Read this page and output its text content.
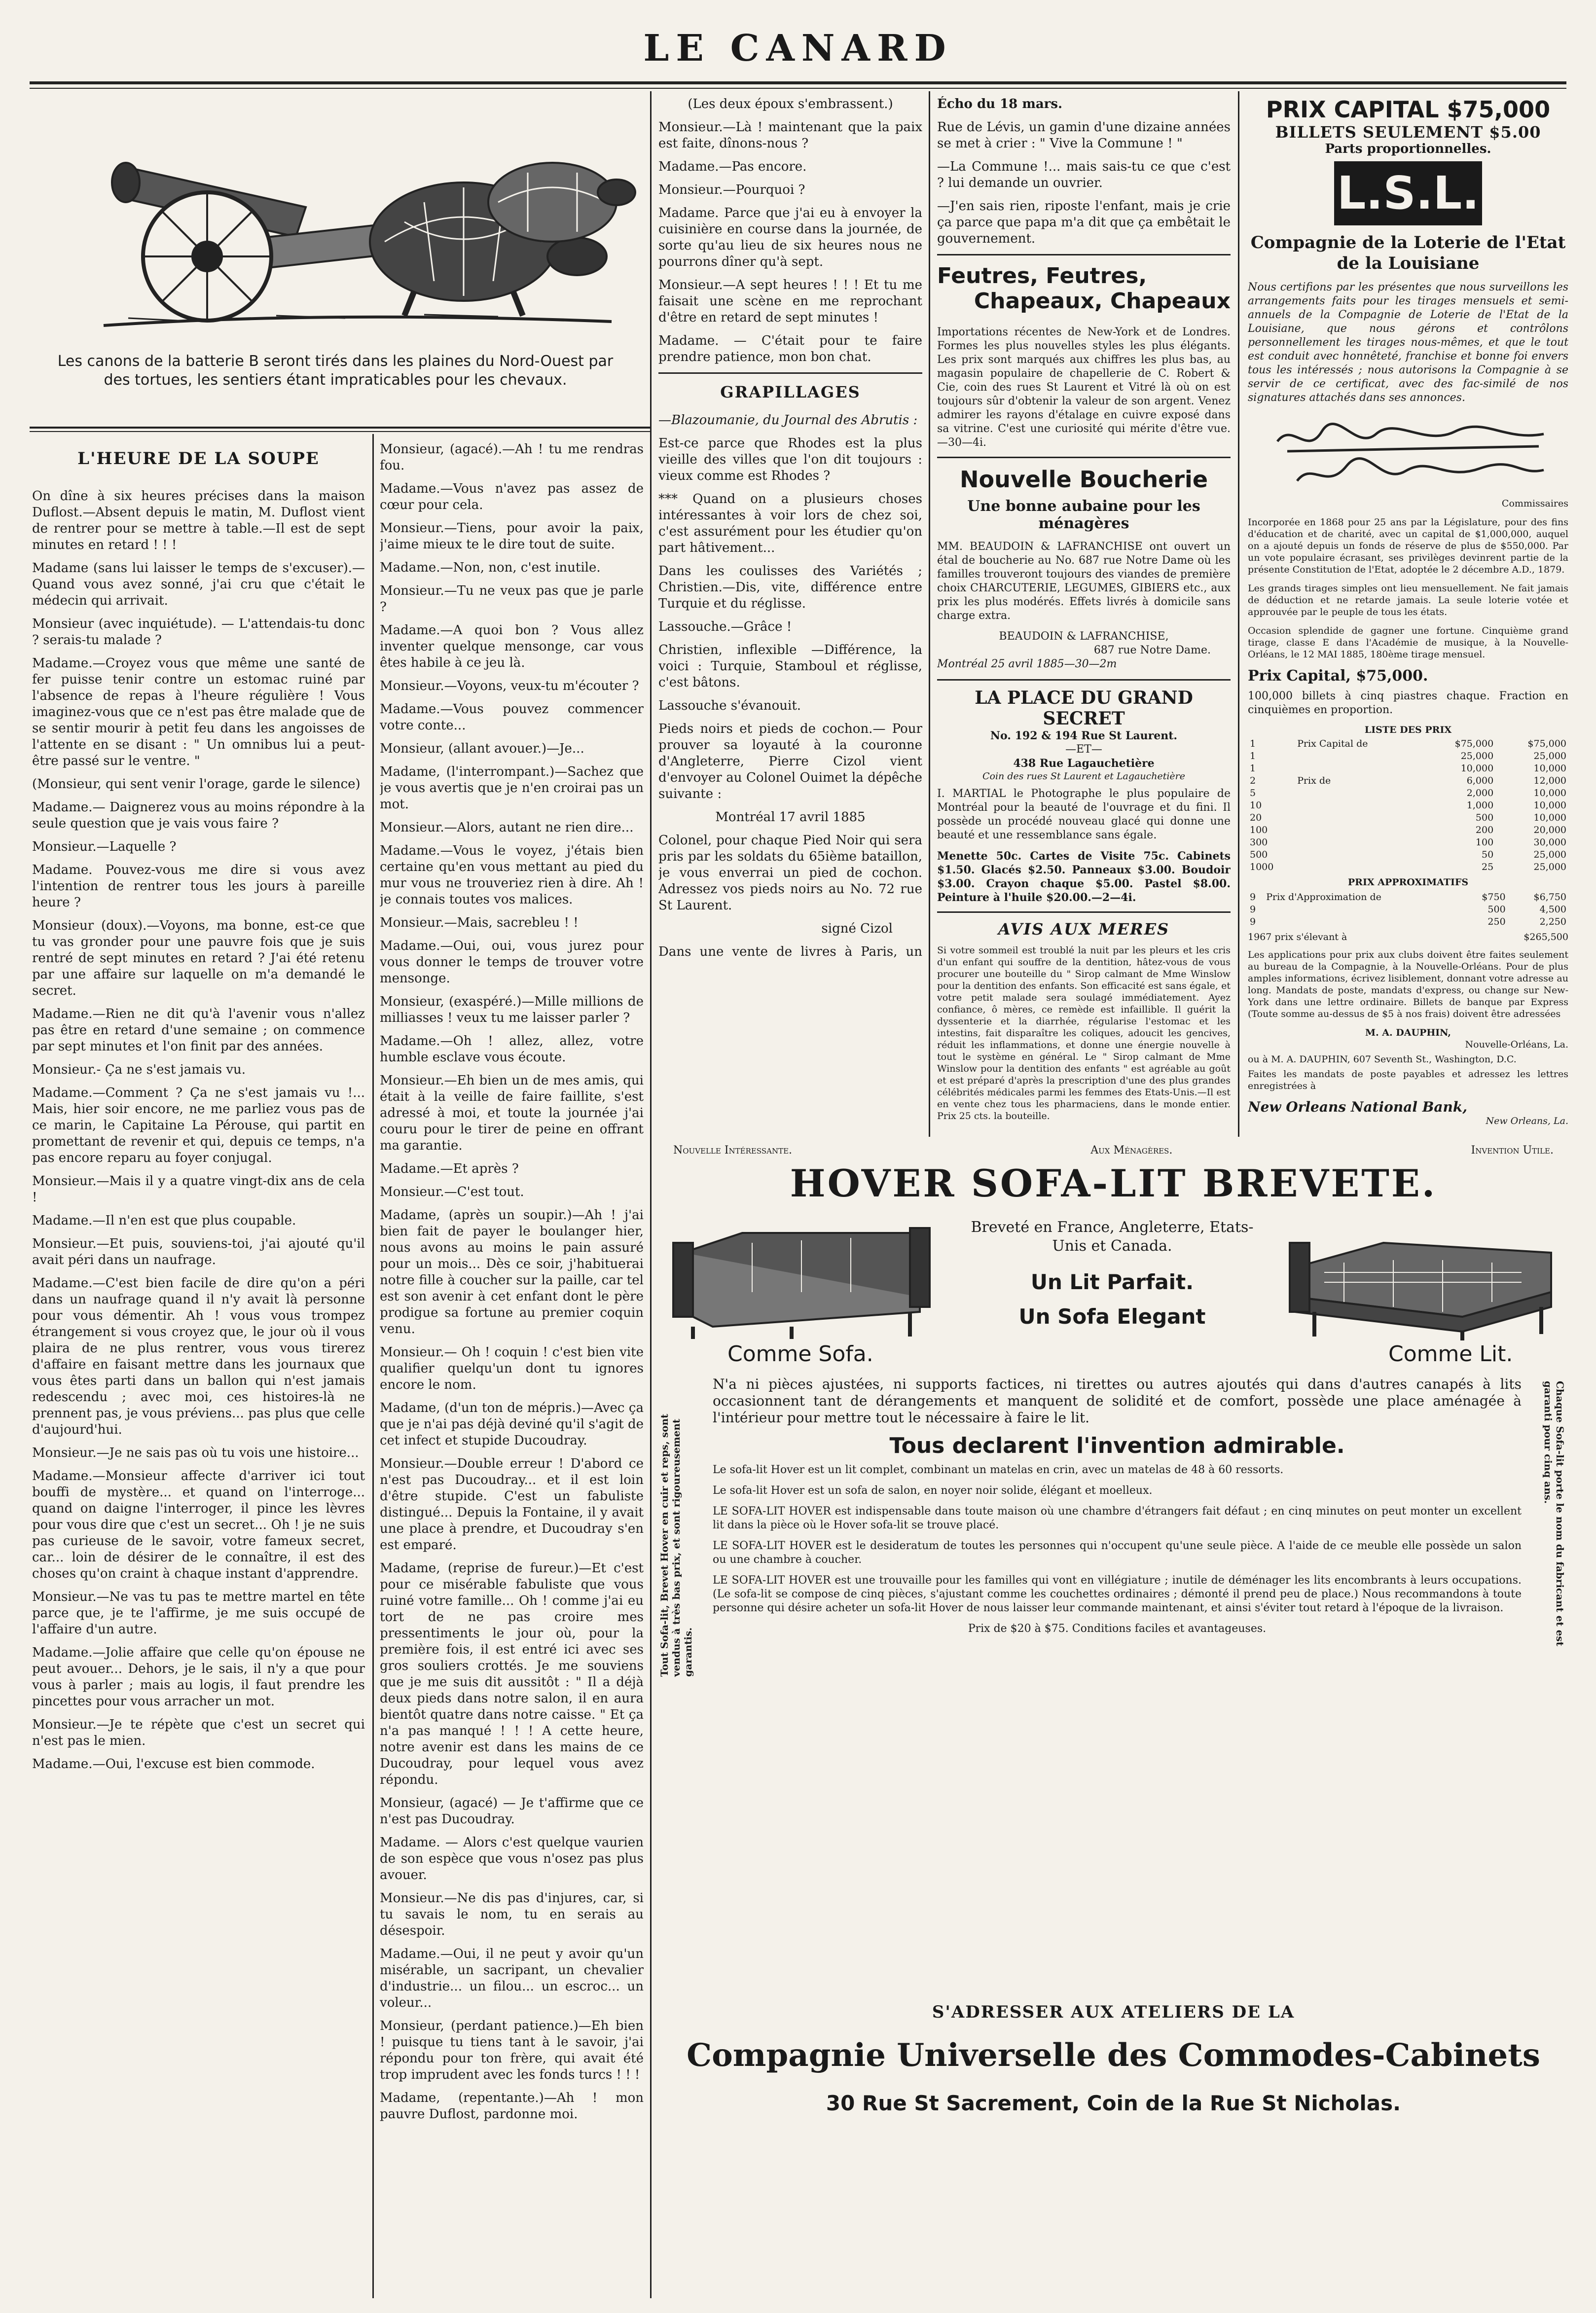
LE CANARD
Les canons de la batterie B seront tirés dans les plaines du Nord-Ouest par des tortues, les sentiers étant impraticables pour les chevaux.
L'HEURE DE LA SOUPE

On dîne à six heures précises dans la maison Duflost.—Absent depuis le matin, M. Duflost vient de rentrer pour se mettre à table.—Il est de sept minutes en retard ! ! !

Madame (sans lui laisser le temps de s'excuser).—Quand vous avez sonné, j'ai cru que c'était le médecin qui arrivait.

Monsieur (avec inquiétude). — L'attendais-tu donc ? serais-tu malade ?

Madame.—Croyez vous que même une santé de fer puisse tenir contre un estomac ruiné par l'absence de repas à l'heure régulière ! Vous imaginez-vous que ce n'est pas être malade que de se sentir mourir à petit feu dans les angoisses de l'attente en se disant : " Un omnibus lui a peut-être passé sur le ventre. "

(Monsieur, qui sent venir l'orage, garde le silence)

Madame.— Daignerez vous au moins répondre à la seule question que je vais vous faire ?

Monsieur.—Laquelle ?

Madame. Pouvez-vous me dire si vous avez l'intention de rentrer tous les jours à pareille heure ?

Monsieur (doux).—Voyons, ma bonne, est-ce que tu vas gronder pour une pauvre fois que je suis rentré de sept minutes en retard ? J'ai été retenu par une affaire sur laquelle on m'a demandé le secret.

Madame.—Rien ne dit qu'à l'avenir vous n'allez pas être en retard d'une semaine ; on commence par sept minutes et l'on finit par des années.

Monsieur.- Ça ne s'est jamais vu.

Madame.—Comment ? Ça ne s'est jamais vu !... Mais, hier soir encore, ne me parliez vous pas de ce marin, le Capitaine La Pérouse, qui partit en promettant de revenir et qui, depuis ce temps, n'a pas encore reparu au foyer conjugal.

Monsieur.—Mais il y a quatre vingt-dix ans de cela !

Madame.—Il n'en est que plus coupable.

Monsieur.—Et puis, souviens-toi, j'ai ajouté qu'il avait péri dans un naufrage.

Madame.—C'est bien facile de dire qu'on a péri dans un naufrage quand il n'y avait là personne pour vous démentir. Ah ! vous vous trompez étrangement si vous croyez que, le jour où il vous plaira de ne plus rentrer, vous vous tirerez d'affaire en faisant mettre dans les journaux que vous êtes parti dans un ballon qui n'est jamais redescendu ; avec moi, ces histoires-là ne prennent pas, je vous préviens... pas plus que celle d'aujourd'hui.

Monsieur.—Je ne sais pas où tu vois une histoire...

Madame.—Monsieur affecte d'arriver ici tout bouffi de mystère... et quand on l'interroge... quand on daigne l'interroger, il pince les lèvres pour vous dire que c'est un secret... Oh ! je ne suis pas curieuse de le savoir, votre fameux secret, car... loin de désirer de le connaître, il est des choses qu'on craint à chaque instant d'apprendre.

Monsieur.—Ne vas tu pas te mettre martel en tête parce que, je te l'affirme, je me suis occupé de l'affaire d'un autre.

Madame.—Jolie affaire que celle qu'on épouse ne peut avouer... Dehors, je le sais, il n'y a que pour vous à parler ; mais au logis, il faut prendre les pincettes pour vous arracher un mot.

Monsieur.—Je te répète que c'est un secret qui n'est pas le mien.

Madame.—Oui, l'excuse est bien commode.

Monsieur, (agacé).—Ah ! tu me rendras fou.

Madame.—Vous n'avez pas assez de cœur pour cela.

Monsieur.—Tiens, pour avoir la paix, j'aime mieux te le dire tout de suite.

Madame.—Non, non, c'est inutile.

Monsieur.—Tu ne veux pas que je parle ?

Madame.—A quoi bon ? Vous allez inventer quelque mensonge, car vous êtes habile à ce jeu là.

Monsieur.—Voyons, veux-tu m'écouter ?

Madame.—Vous pouvez commencer votre conte...

Monsieur, (allant avouer.)—Je...

Madame, (l'interrompant.)—Sachez que je vous avertis que je n'en croirai pas un mot.

Monsieur.—Alors, autant ne rien dire...

Madame.—Vous le voyez, j'étais bien certaine qu'en vous mettant au pied du mur vous ne trouveriez rien à dire. Ah ! je connais toutes vos malices.

Monsieur.—Mais, sacrebleu ! !

Madame.—Oui, oui, vous jurez pour vous donner le temps de trouver votre mensonge.

Monsieur, (exaspéré.)—Mille millions de milliasses ! veux tu me laisser parler ?

Madame.—Oh ! allez, allez, votre humble esclave vous écoute.

Monsieur.—Eh bien un de mes amis, qui était à la veille de faire faillite, s'est adressé à moi, et toute la journée j'ai couru pour le tirer de peine en offrant ma garantie.

Madame.—Et après ?

Monsieur.—C'est tout.

Madame, (après un soupir.)—Ah ! j'ai bien fait de payer le boulanger hier, nous avons au moins le pain assuré pour un mois... Dès ce soir, j'habituerai notre fille à coucher sur la paille, car tel est son avenir à cet enfant dont le père prodigue sa fortune au premier coquin venu.

Monsieur.— Oh ! coquin ! c'est bien vite qualifier quelqu'un dont tu ignores encore le nom.

Madame, (d'un ton de mépris.)—Avec ça que je n'ai pas déjà deviné qu'il s'agit de cet infect et stupide Ducoudray.

Monsieur.—Double erreur ! D'abord ce n'est pas Ducoudray... et il est loin d'être stupide. C'est un fabuliste distingué... Depuis la Fontaine, il y avait une place à prendre, et Ducoudray s'en est emparé.

Madame, (reprise de fureur.)—Et c'est pour ce misérable fabuliste que vous ruiné votre famille... Oh ! comme j'ai eu tort de ne pas croire mes pressentiments le jour où, pour la première fois, il est entré ici avec ses gros souliers crottés. Je me souviens que je me suis dit aussitôt : " Il a déjà deux pieds dans notre salon, il en aura bientôt quatre dans notre caisse. " Et ça n'a pas manqué ! ! ! A cette heure, notre avenir est dans les mains de ce Ducoudray, pour lequel vous avez répondu.

Monsieur, (agacé) — Je t'affirme que ce n'est pas Ducoudray.

Madame. — Alors c'est quelque vaurien de son espèce que vous n'osez pas plus avouer.

Monsieur.—Ne dis pas d'injures, car, si tu savais le nom, tu en serais au désespoir.

Madame.—Oui, il ne peut y avoir qu'un misérable, un sacripant, un chevalier d'industrie... un filou... un escroc... un voleur...

Monsieur, (perdant patience.)—Eh bien ! puisque tu tiens tant à le savoir, j'ai répondu pour ton frère, qui avait été trop imprudent avec les fonds turcs ! ! !

Madame, (repentante.)—Ah ! mon pauvre Duflost, pardonne moi.

(Les deux époux s'embrassent.)

Monsieur.—Là ! maintenant que la paix est faite, dînons-nous ?

Madame.—Pas encore.

Monsieur.—Pourquoi ?

Madame. Parce que j'ai eu à envoyer la cuisinière en course dans la journée, de sorte qu'au lieu de six heures nous ne pourrons dîner qu'à sept.

Monsieur.—A sept heures ! ! ! Et tu me faisait une scène en me reprochant d'être en retard de sept minutes !

Madame. — C'était pour te faire prendre patience, mon bon chat.

GRAPILLAGES

—Blazoumanie, du Journal des Abrutis :

Est-ce parce que Rhodes est la plus vieille des villes que l'on dit toujours : vieux comme est Rhodes ?

*** Quand on a plusieurs choses intéressantes à voir lors de chez soi, c'est assurément pour les étudier qu'on part hâtivement...

Dans les coulisses des Variétés ; Christien.—Dis, vite, différence entre Turquie et du réglisse.

Lassouche.—Grâce !

Christien, inflexible —Différence, la voici : Turquie, Stamboul et réglisse, c'est bâtons.

Lassouche s'évanouit.

Pieds noirs et pieds de cochon.— Pour prouver sa loyauté à la couronne d'Angleterre, Pierre Cizol vient d'envoyer au Colonel Ouimet la dépêche suivante :

Montréal 17 avril 1885

Colonel, pour chaque Pied Noir qui sera pris par les soldats du 65ième bataillon, je vous enverrai un pied de cochon. Adressez vos pieds noirs au No. 72 rue St Laurent.

signé Cizol

Dans une vente de livres à Paris, un

Écho du 18 mars.

Rue de Lévis, un gamin d'une dizaine années se met à crier : " Vive la Commune ! "

—La Commune !... mais sais-tu ce que c'est ? lui demande un ouvrier.

—J'en sais rien, riposte l'enfant, mais je crie ça parce que papa m'a dit que ça embêtait le gouvernement.

Feutres, Feutres,
Chapeaux, Chapeaux

Importations récentes de New-York et de Londres. Formes les plus nouvelles styles les plus élégants. Les prix sont marqués aux chiffres les plus bas, au magasin populaire de chapellerie de C. Robert & Cie, coin des rues St Laurent et Vitré là où on est toujours sûr d'obtenir la valeur de son argent. Venez admirer les rayons d'étalage en cuivre exposé dans sa vitrine. C'est une curiosité qui mérite d'être vue. —30—4i.

Nouvelle Boucherie
Une bonne aubaine pour les ménagères

MM. BEAUDOIN & LAFRANCHISE ont ouvert un étal de boucherie au No. 687 rue Notre Dame où les familles trouveront toujours des viandes de première choix CHARCUTERIE, LEGUMES, GIBIERS etc., aux prix les plus modérés. Effets livrés à domicile sans charge extra.

BEAUDOIN & LAFRANCHISE,
687 rue Notre Dame.
Montréal 25 avril 1885—30—2m
LA PLACE DU GRAND SECRET
No. 192 & 194 Rue St Laurent.
—ET—
438 Rue Lagauchetière
Coin des rues St Laurent et Lagauchetière

I. MARTIAL le Photographe le plus populaire de Montréal pour la beauté de l'ouvrage et du fini. Il possède un procédé nouveau glacé qui donne une beauté et une ressemblance sans égale.

Menette 50c. Cartes de Visite 75c. Cabinets $1.50. Glacés $2.50. Panneaux $3.00. Boudoir $3.00. Crayon chaque $5.00. Pastel $8.00. Peinture à l'huile $20.00.—2—4i.

AVIS AUX MERES

Si votre sommeil est troublé la nuit par les pleurs et les cris d'un enfant qui souffre de la dentition, hâtez-vous de vous procurer une bouteille du " Sirop calmant de Mme Winslow pour la dentition des enfants. Son efficacité est sans égale, et votre petit malade sera soulagé immédiatement. Ayez confiance, ô mères, ce remède est infaillible. Il guérit la dyssenterie et la diarrhée, régularise l'estomac et les intestins, fait disparaître les coliques, adoucit les gencives, réduit les inflammations, et donne une énergie nouvelle à tout le système en général. Le " Sirop calmant de Mme Winslow pour la dentition des enfants " est agréable au goût et est préparé d'après la prescription d'une des plus grandes célébrités médicales parmi les femmes des Etats-Unis.—Il est en vente chez tous les pharmaciens, dans le monde entier. Prix 25 cts. la bouteille.

PRIX CAPITAL $75,000
BILLETS SEULEMENT $5.00
Parts proportionnelles.
L.S.L.
Compagnie de la Loterie de l'Etat de la Louisiane

Nous certifions par les présentes que nous surveillons les arrangements faits pour les tirages mensuels et semi-annuels de la Compagnie de Loterie de l'Etat de la Louisiane, que nous gérons et contrôlons personnellement les tirages nous-mêmes, et que le tout est conduit avec honnêteté, franchise et bonne foi envers tous les intéressés ; nous autorisons la Compagnie à se servir de ce certificat, avec des fac-similé de nos signatures attachés dans ses annonces.

Commissaires

Incorporée en 1868 pour 25 ans par la Législature, pour des fins d'éducation et de charité, avec un capital de $1,000,000, auquel on a ajouté depuis un fonds de réserve de plus de $550,000. Par un vote populaire écrasant, ses privilèges devinrent partie de la présente Constitution de l'Etat, adoptée le 2 décembre A.D., 1879.

Les grands tirages simples ont lieu mensuellement. Ne fait jamais de déduction et ne retarde jamais. La seule loterie votée et approuvée par le peuple de tous les états.

Occasion splendide de gagner une fortune. Cinquième grand tirage, classe E dans l'Académie de musique, à la Nouvelle-Orléans, le 12 MAI 1885, 180ème tirage mensuel.

Prix Capital, $75,000.

100,000 billets à cinq piastres chaque. Fraction en cinquièmes en proportion.

LISTE DES PRIX
1	Prix Capital de	$75,000	$75,000
1		25,000	25,000
1		10,000	10,000
2	Prix de	6,000	12,000
5		2,000	10,000
10		1,000	10,000
20		500	10,000
100		200	20,000
300		100	30,000
500		50	25,000
1000		25	25,000
PRIX APPROXIMATIFS
9	Prix d'Approximation de	$750	$6,750
9		500	4,500
9		250	2,250
1967 prix s'élevant à	$265,500

Les applications pour prix aux clubs doivent être faites seulement au bureau de la Compagnie, à la Nouvelle-Orléans. Pour de plus amples informations, écrivez lisiblement, donnant votre adresse au long. Mandats de poste, mandats d'express, ou change sur New-York dans une lettre ordinaire. Billets de banque par Express (Toute somme au-dessus de $5 à nos frais) doivent être adressées

M. A. DAUPHIN,
Nouvelle-Orléans, La.
ou à M. A. DAUPHIN, 607 Seventh St., Washington, D.C.

Faites les mandats de poste payables et adressez les lettres enregistrées à

New Orleans National Bank,
New Orleans, La.
Nouvelle Intéressante.	Aux Ménagères.	Invention Utile.
HOVER SOFA-LIT BREVETE.
Breveté en France, Angleterre, Etats-Unis et Canada.
Un Lit Parfait.
Un Sofa Elegant
Comme Sofa.	Comme Lit.
Tout Sofa-lit, Brevet Hover en cuir et reps, sont vendus à très bas prix, et sont rigoureusement garantis.
Chaque Sofa-lit porte le nom du fabricant et est garanti pour cinq ans.

N'a ni pièces ajustées, ni supports factices, ni tirettes ou autres ajoutés qui dans d'autres canapés à lits occasionnent tant de dérangements et manquent de solidité et de comfort, possède une place aménagée à l'intérieur pour mettre tout le nécessaire à faire le lit.

Tous declarent l'invention admirable.

Le sofa-lit Hover est un lit complet, combinant un matelas en crin, avec un matelas de 48 à 60 ressorts.

Le sofa-lit Hover est un sofa de salon, en noyer noir solide, élégant et moelleux.

LE SOFA-LIT HOVER est indispensable dans toute maison où une chambre d'étrangers fait défaut ; en cinq minutes on peut monter un excellent lit dans la pièce où le Hover sofa-lit se trouve placé.

LE SOFA-LIT HOVER est le desideratum de toutes les personnes qui n'occupent qu'une seule pièce. A l'aide de ce meuble elle possède un salon ou une chambre à coucher.

LE SOFA-LIT HOVER est une trouvaille pour les familles qui vont en villégiature ; inutile de déménager les lits encombrants à leurs occupations. (Le sofa-lit se compose de cinq pièces, s'ajustant comme les couchettes ordinaires ; démonté il prend peu de place.) Nous recommandons à toute personne qui désire acheter un sofa-lit Hover de nous laisser leur commande maintenant, et ainsi s'éviter tout retard à l'époque de la livraison.

Prix de $20 à $75. Conditions faciles et avantageuses.
S'ADRESSER AUX ATELIERS DE LA
Compagnie Universelle des Commodes-Cabinets
30 Rue St Sacrement, Coin de la Rue St Nicholas.
